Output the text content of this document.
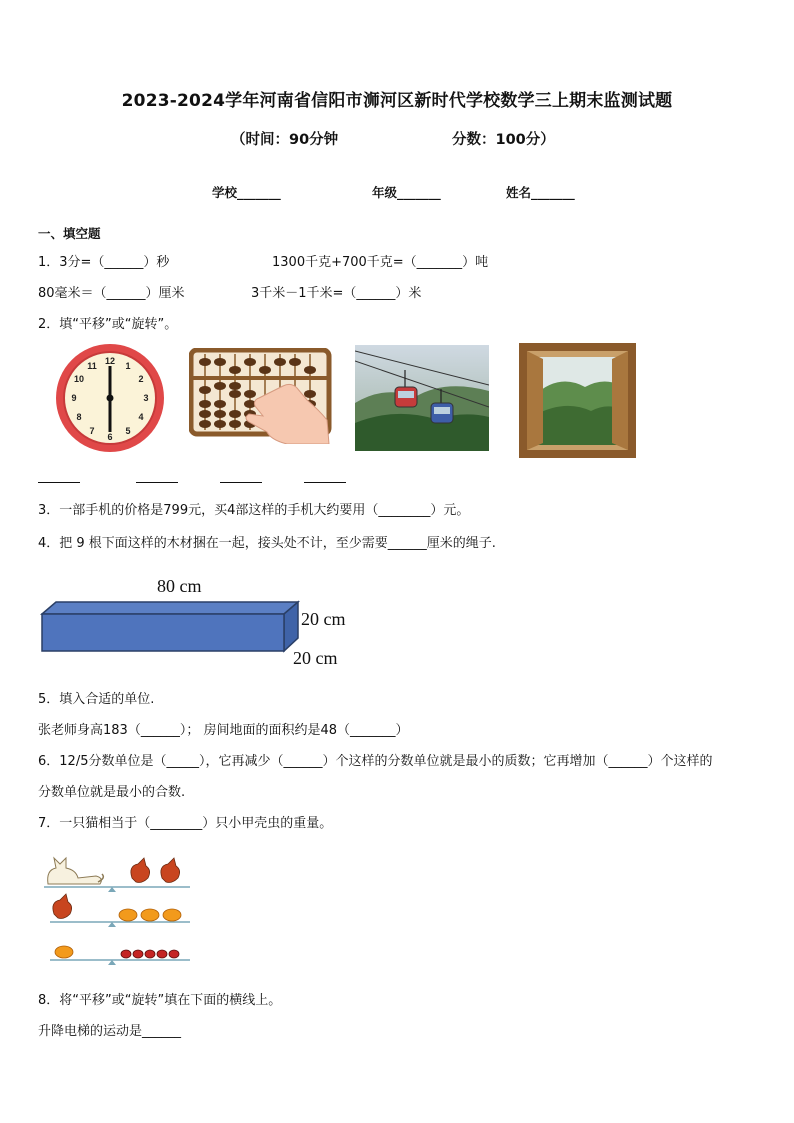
2023-2024学年河南省信阳市浉河区新时代学校数学三上期末监测试题
（时间：90分钟	分数：100分）
学校_______	年级_______	姓名_______
一、填空题
1．3分=（______）秒	1300千克+700千克=（_______）吨
80毫米＝（______）厘米	3千米－1千米=（______）米
2．填“平移”或“旋转”。
12 1
2
3
4
5
6
7
8
9
10
11
3．一部手机的价格是799元，买4部这样的手机大约要用（________）元。
4．把 9 根下面这样的木材捆在一起，接头处不计，至少需要______厘米的绳子.
80 cm
20 cm
20 cm
5．填入合适的单位.
张老师身高183（______）； 房间地面的面积约是48（_______）
6．12/5分数单位是（_____），它再减少（______）个这样的分数单位就是最小的质数；它再增加（______）个这样的
分数单位就是最小的合数.
7．一只猫相当于（________）只小甲壳虫的重量。
8．将“平移”或“旋转”填在下面的横线上。
升降电梯的运动是______
